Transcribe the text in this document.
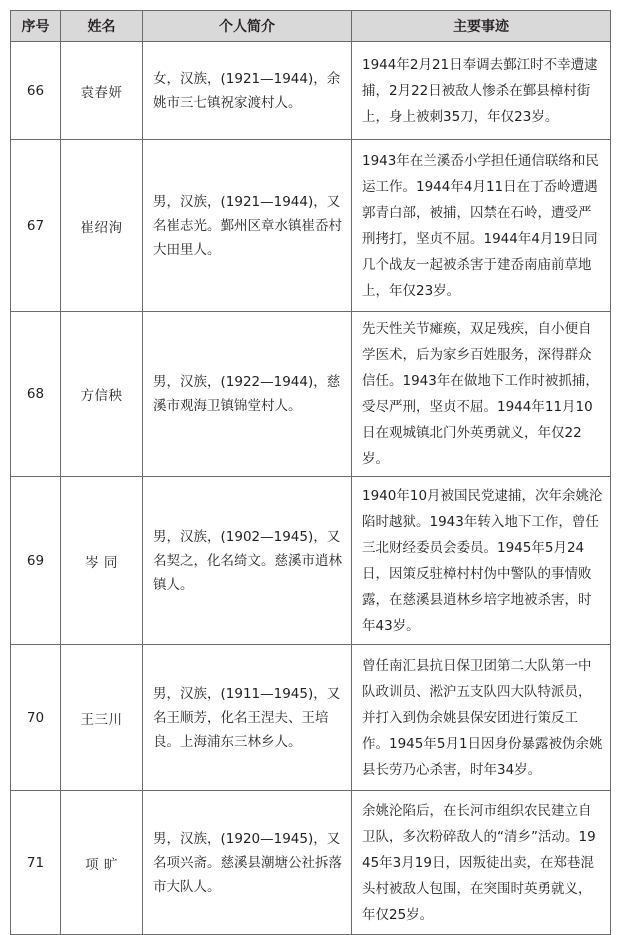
序号	姓名	个人简介	主要事迹
66	袁春妍	女，汉族，(1921—1944)，余姚市三七镇祝家渡村人。	1944年2月21日奉调去鄞江时不幸遭逮捕，2月22日被敌人惨杀在鄞县樟村街上，身上被刺35刀，年仅23岁。
67	崔绍洵	男，汉族，(1921—1944)，又名崔志光。鄞州区章水镇崔岙村大田里人。	1943年在兰溪岙小学担任通信联络和民运工作。1944年4月11日在丁岙岭遭遇郭青白部，被捕，囚禁在石岭，遭受严刑拷打，坚贞不屈。1944年4月19日同几个战友一起被杀害于建岙南庙前草地上，年仅23岁。
68	方信秧	男，汉族，(1922—1944)，慈溪市观海卫镇锦堂村人。	先天性关节瘫痪，双足残疾，自小便自学医术，后为家乡百姓服务，深得群众信任。1943年在做地下工作时被抓捕，受尽严刑，坚贞不屈。1944年11月10日在观城镇北门外英勇就义，年仅22岁。
69	岑 同	男，汉族，(1902—1945)，又名契之，化名绮文。慈溪市逍林镇人。	1940年10月被国民党逮捕，次年余姚沦陷时越狱。1943年转入地下工作，曾任三北财经委员会委员。1945年5月24日，因策反驻樟村村伪中警队的事情败露，在慈溪县逍林乡培字地被杀害，时年43岁。
70	王三川	男，汉族，(1911—1945)，又名王顺芳，化名王涅夫、王培良。上海浦东三林乡人。	曾任南汇县抗日保卫团第二大队第一中队政训员、淞沪五支队四大队特派员，并打入到伪余姚县保安团进行策反工作。1945年5月1日因身份暴露被伪余姚县长劳乃心杀害，时年34岁。
71	项 旷	男，汉族，(1920—1945)，又名项兴斋。慈溪县潮塘公社拆落市大队人。	余姚沦陷后，在长河市组织农民建立自卫队，多次粉碎敌人的“清乡”活动。1945年3月19日，因叛徒出卖，在郑巷混头村被敌人包围，在突围时英勇就义，年仅25岁。
